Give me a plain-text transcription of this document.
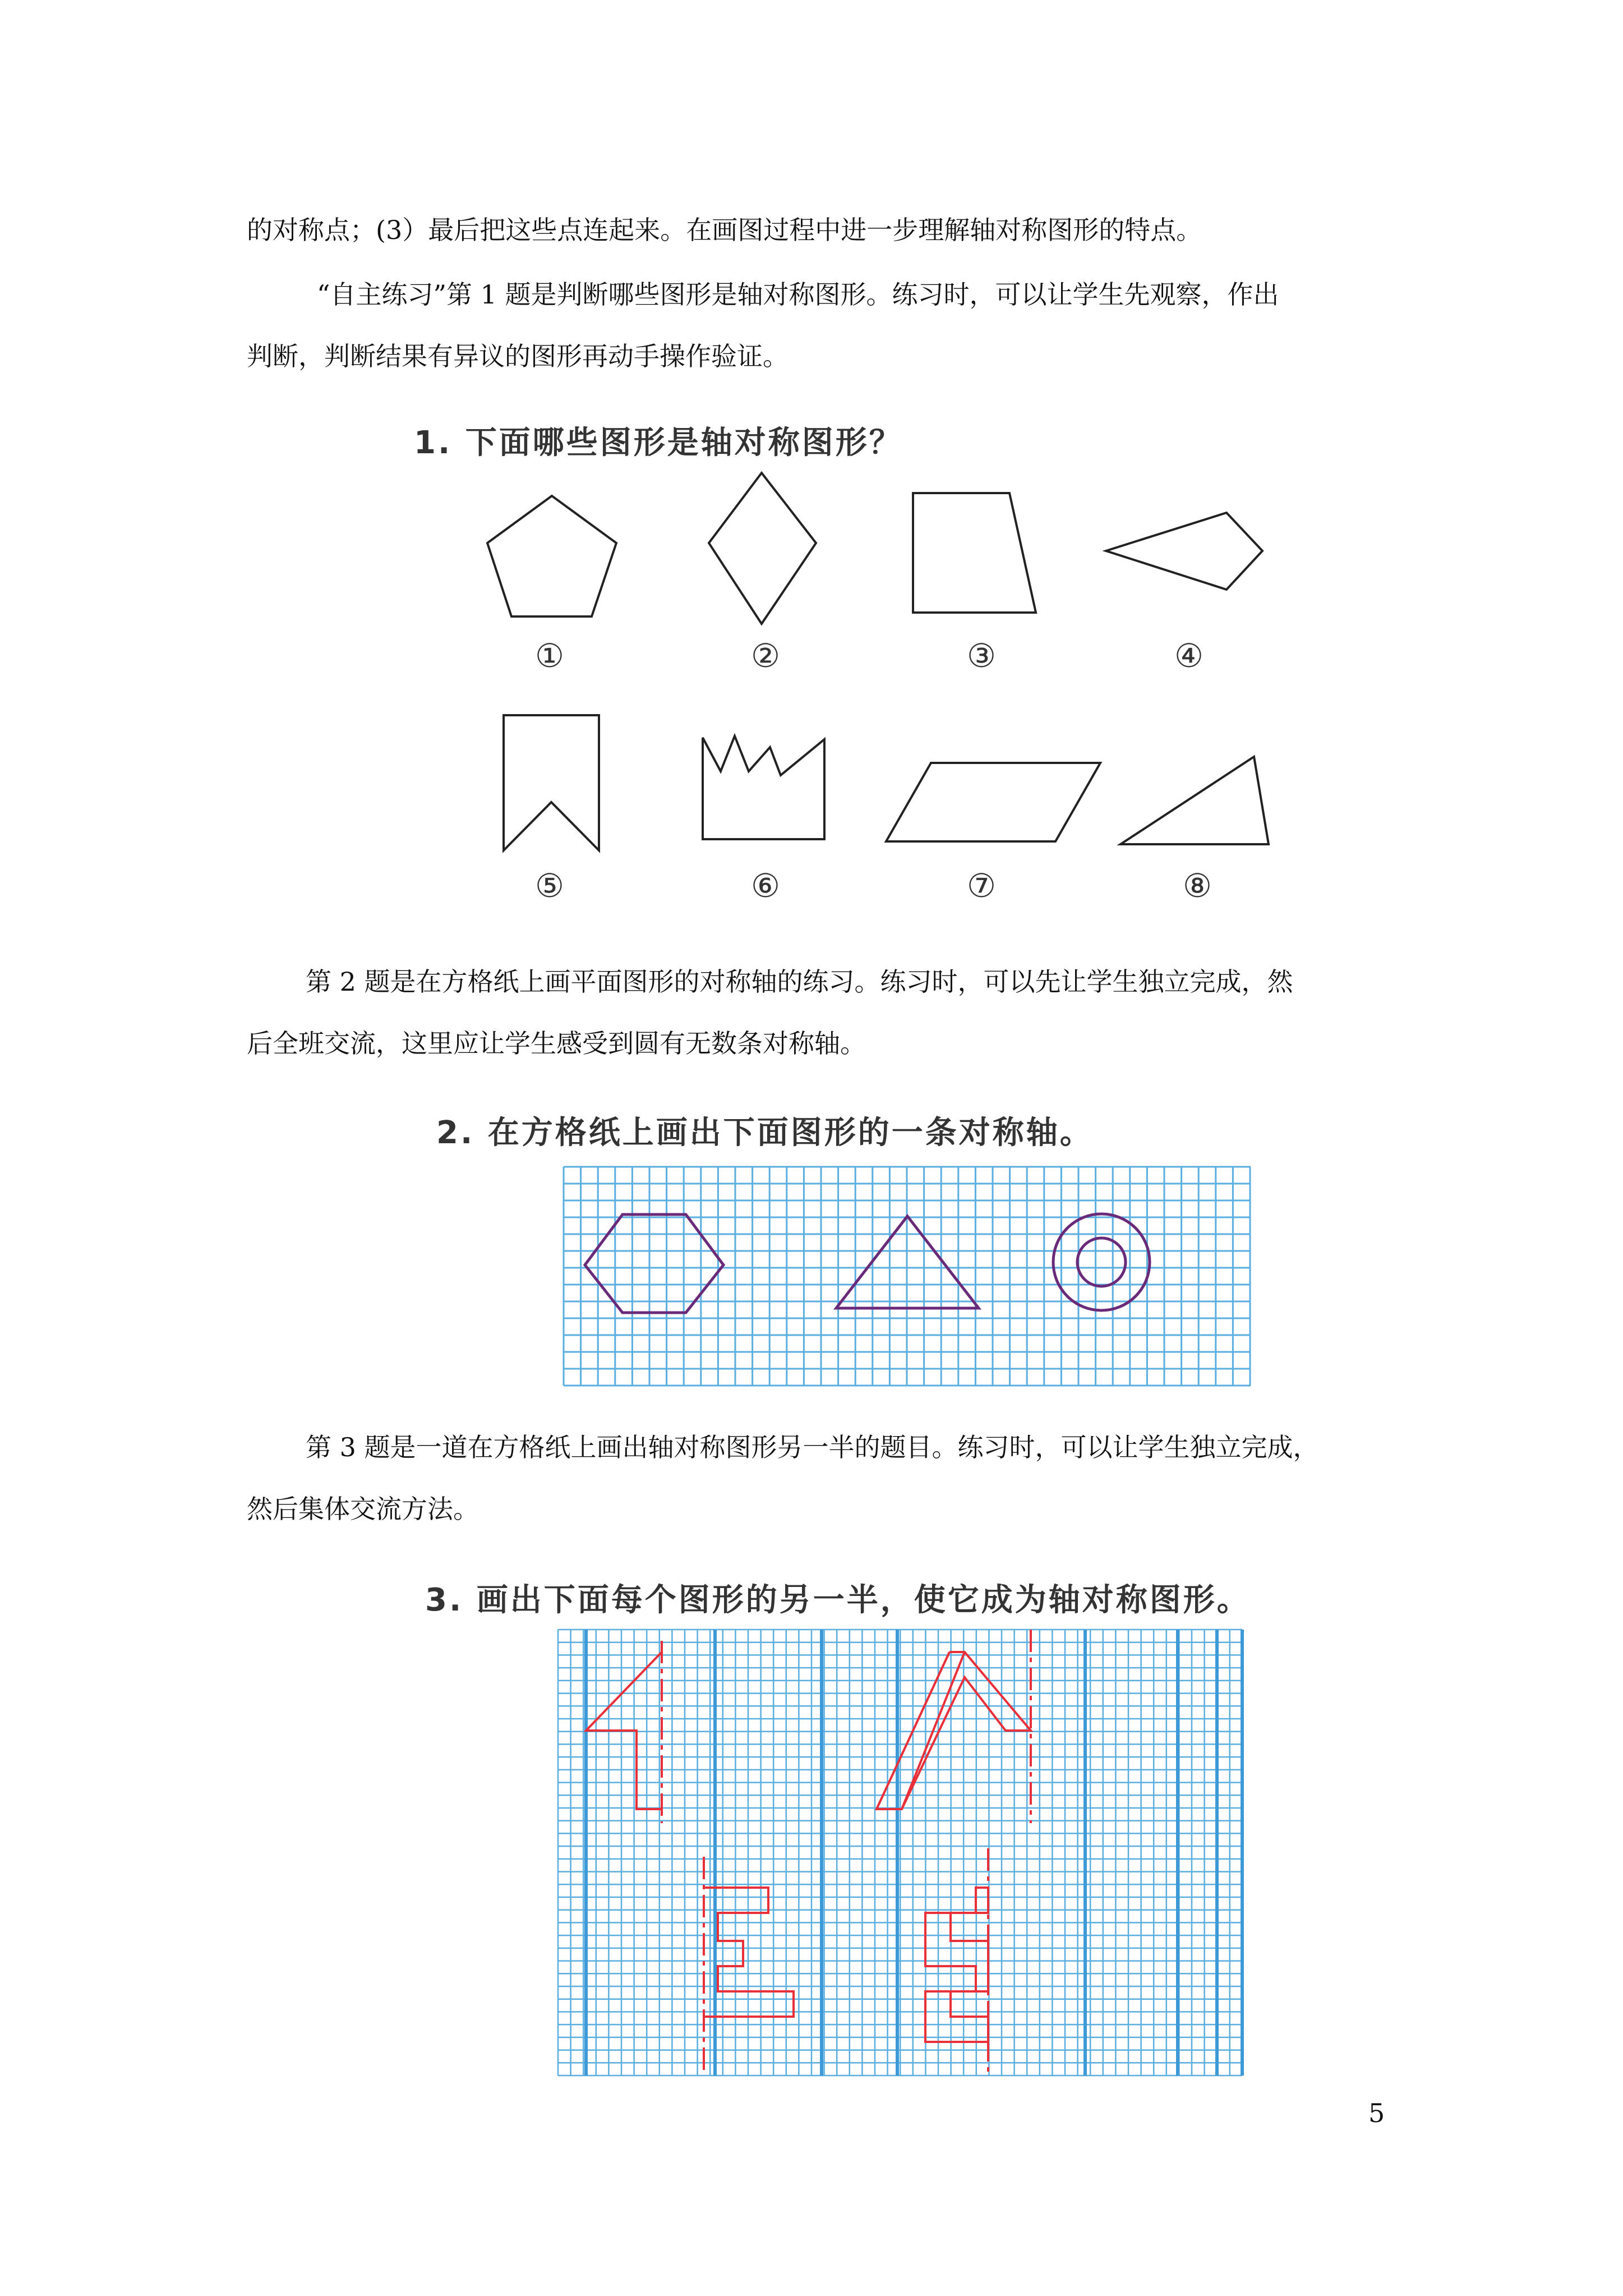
的对称点；(3）最后把这些点连起来。在画图过程中进一步理解轴对称图形的特点。

“自主练习”第 1 题是判断哪些图形是轴对称图形。练习时，可以让学生先观察，作出

判断，判断结果有异议的图形再动手操作验证。

1. 下面哪些图形是轴对称图形？
①	②	③	④
⑤	⑥	⑦	⑧

第 2 题是在方格纸上画平面图形的对称轴的练习。练习时，可以先让学生独立完成，然

后全班交流，这里应让学生感受到圆有无数条对称轴。

2. 在方格纸上画出下面图形的一条对称轴。

第 3 题是一道在方格纸上画出轴对称图形另一半的题目。练习时，可以让学生独立完成，

然后集体交流方法。

3. 画出下面每个图形的另一半，使它成为轴对称图形。
5
